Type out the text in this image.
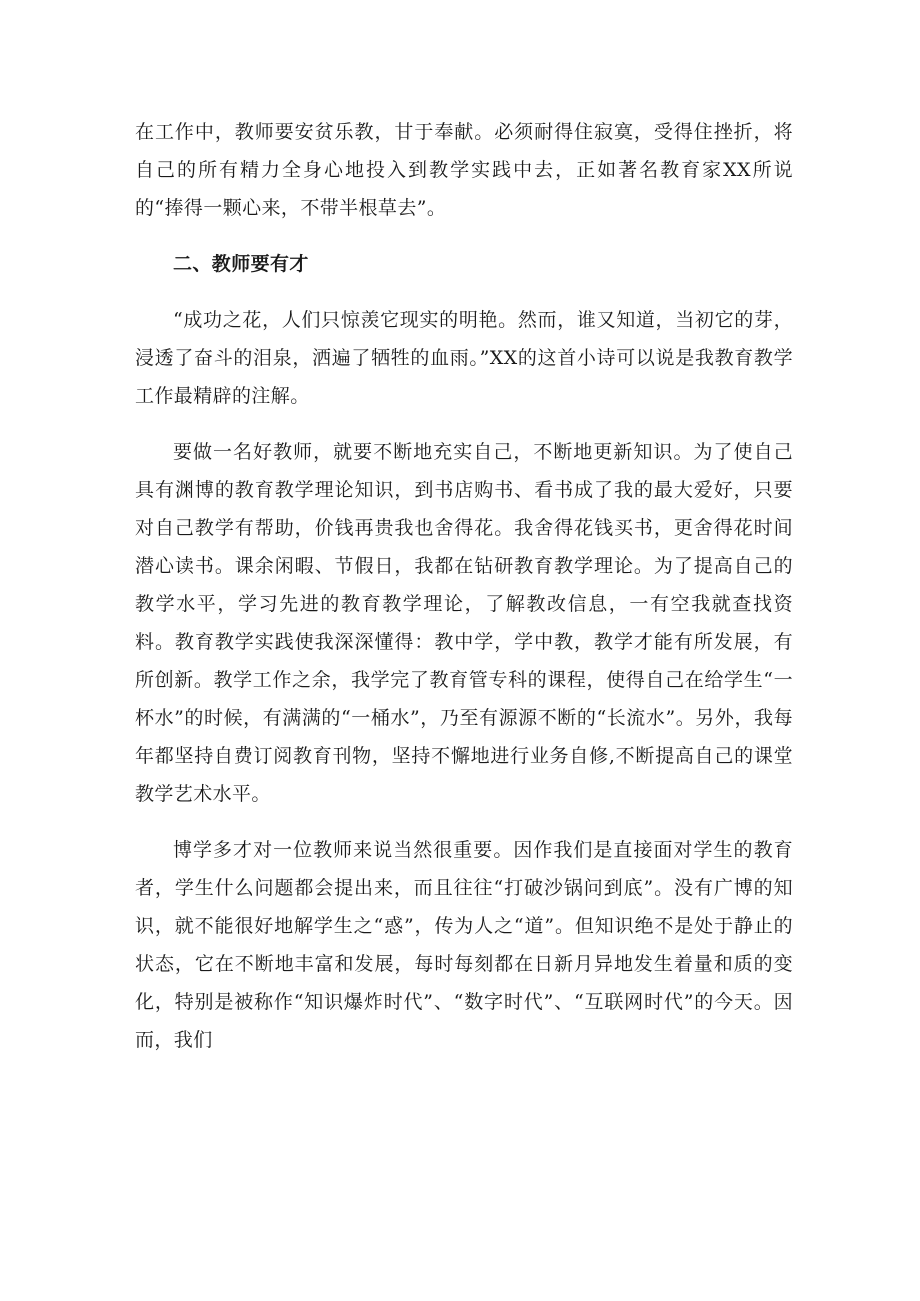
在工作中，教师要安贫乐教，甘于奉献。必须耐得住寂寞，受得住挫折，将自己的所有精力全身心地投入到教学实践中去，正如著名教育家XX所说的“捧得一颗心来，不带半根草去”。

二、教师要有才

“成功之花，人们只惊羡它现实的明艳。然而，谁又知道，当初它的芽，浸透了奋斗的泪泉，洒遍了牺牲的血雨。”XX的这首小诗可以说是我教育教学工作最精辟的注解。

要做一名好教师，就要不断地充实自己，不断地更新知识。为了使自己具有渊博的教育教学理论知识，到书店购书、看书成了我的最大爱好，只要对自己教学有帮助，价钱再贵我也舍得花。我舍得花钱买书，更舍得花时间潜心读书。课余闲暇、节假日，我都在钻研教育教学理论。为了提高自己的教学水平，学习先进的教育教学理论，了解教改信息，一有空我就查找资料。教育教学实践使我深深懂得：教中学，学中教，教学才能有所发展，有所创新。教学工作之余，我学完了教育管专科的课程，使得自己在给学生“一杯水”的时候，有满满的“一桶水”，乃至有源源不断的“长流水”。另外，我每年都坚持自费订阅教育刊物，坚持不懈地进行业务自修,不断提高自己的课堂教学艺术水平。

博学多才对一位教师来说当然很重要。因作我们是直接面对学生的教育者，学生什么问题都会提出来，而且往往“打破沙锅问到底”。没有广博的知识，就不能很好地解学生之“惑”，传为人之“道”。但知识绝不是处于静止的状态，它在不断地丰富和发展，每时每刻都在日新月异地发生着量和质的变化，特别是被称作“知识爆炸时代”、“数字时代”、“互联网时代”的今天。因而，我们
